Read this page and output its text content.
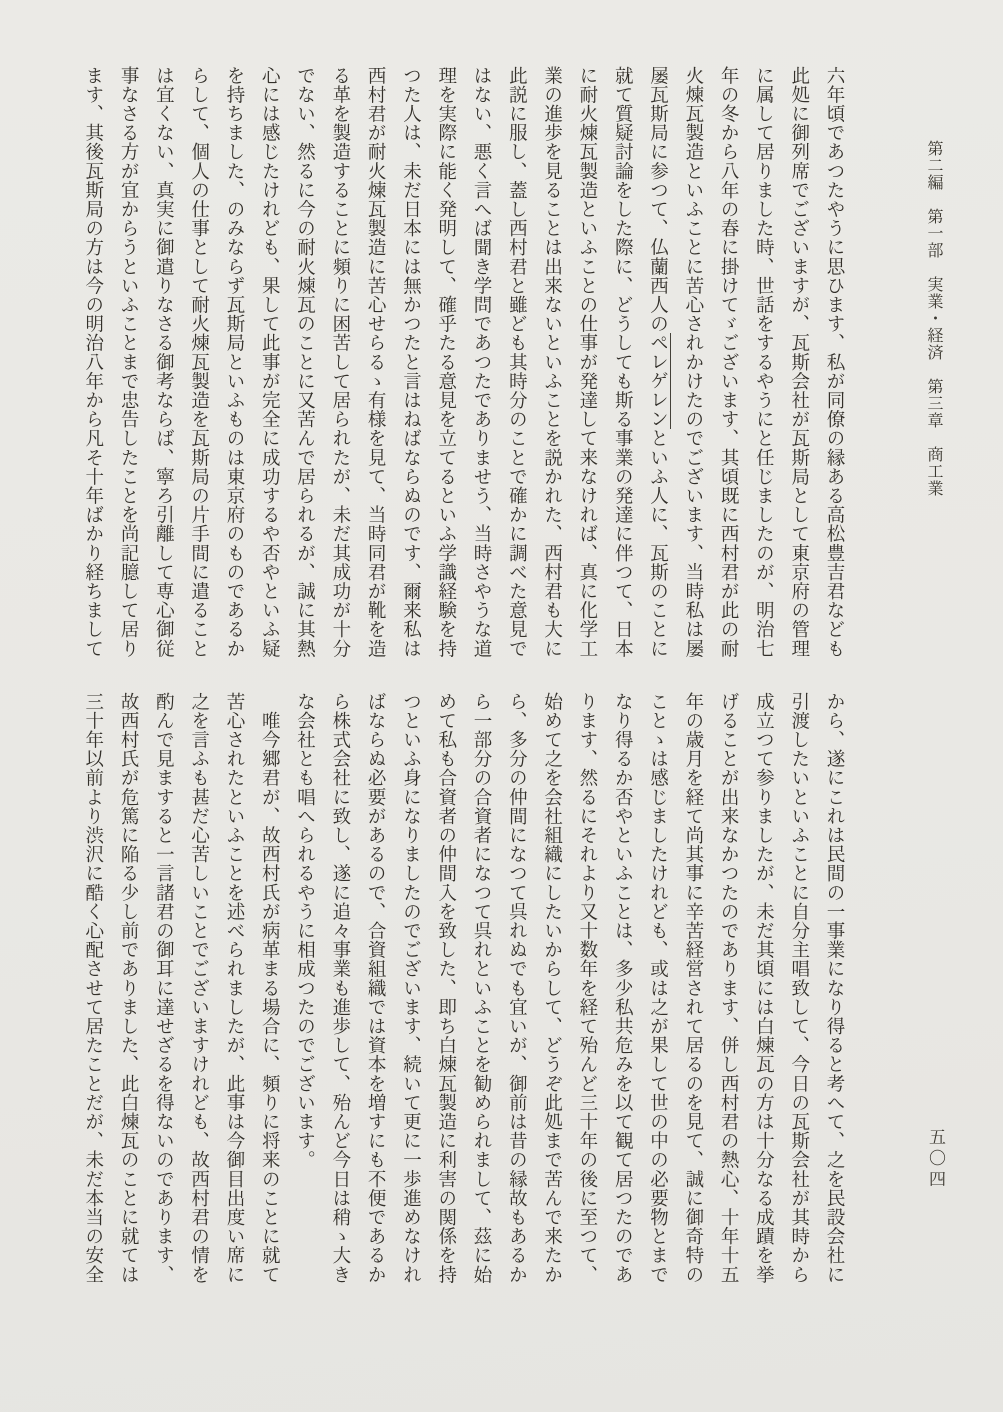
第二編　第一部　実業・経済　第三章　商工業
六年頃であつたやうに思ひます、私が同僚の縁ある高松豊吉君なども
此処に御列席でございますが、瓦斯会社が瓦斯局として東京府の管理
に属して居りました時、世話をするやうにと任じましたのが、明治七
年の冬から八年の春に掛けてゞございます、其頃既に西村君が此の耐
火煉瓦製造といふことに苦心されかけたのでございます、当時私は屡
屡瓦斯局に参つて、仏蘭西人のペレゲレンといふ人に、瓦斯のことに
就て質疑討論をした際に、どうしても斯る事業の発達に伴つて、日本
に耐火煉瓦製造といふことの仕事が発達して来なければ、真に化学工
業の進歩を見ることは出来ないといふことを説かれた、西村君も大に
此説に服し、蓋し西村君と雖ども其時分のことで確かに調べた意見で
はない、悪く言へば聞き学問であつたでありませう、当時さやうな道
理を実際に能く発明して、確乎たる意見を立てるといふ学識経験を持
つた人は、未だ日本には無かつたと言はねばならぬのです、爾来私は
西村君が耐火煉瓦製造に苦心せらるゝ有様を見て、当時同君が靴を造
る革を製造することに頻りに困苦して居られたが、未だ其成功が十分
でない、然るに今の耐火煉瓦のことに又苦んで居られるが、誠に其熱
心には感じたけれども、果して此事が完全に成功するや否やといふ疑
を持ちました、のみならず瓦斯局といふものは東京府のものであるか
らして、個人の仕事として耐火煉瓦製造を瓦斯局の片手間に遣ること
は宜くない、真実に御遣りなさる御考ならば、寧ろ引離して専心御従
事なさる方が宜からうといふことまで忠告したことを尚記臆して居り
ます、其後瓦斯局の方は今の明治八年から凡そ十年ばかり経ちまして
から、遂にこれは民間の一事業になり得ると考へて、之を民設会社に
引渡したいといふことに自分主唱致して、今日の瓦斯会社が其時から
成立つて参りましたが、未だ其頃には白煉瓦の方は十分なる成蹟を挙
げることが出来なかつたのであります、併し西村君の熱心、十年十五
年の歳月を経て尚其事に辛苦経営されて居るのを見て、誠に御奇特の
ことゝは感じましたけれども、或は之が果して世の中の必要物とまで
なり得るか否やといふことは、多少私共危みを以て観て居つたのであ
ります、然るにそれより又十数年を経て殆んど三十年の後に至つて、
始めて之を会社組織にしたいからして、どうぞ此処まで苦んで来たか
ら、多分の仲間になつて呉れぬでも宜いが、御前は昔の縁故もあるか
ら一部分の合資者になつて呉れといふことを勧められまして、茲に始
めて私も合資者の仲間入を致した、即ち白煉瓦製造に利害の関係を持
つといふ身になりましたのでございます、続いて更に一歩進めなけれ
ばならぬ必要があるので、合資組織では資本を増すにも不便であるか
ら株式会社に致し、遂に追々事業も進歩して、殆んど今日は稍ゝ大き
な会社とも唱へられるやうに相成つたのでございます。
　唯今郷君が、故西村氏が病革まる場合に、頻りに将来のことに就て
苦心されたといふことを述べられましたが、此事は今御目出度い席に
之を言ふも甚だ心苦しいことでございますけれども、故西村君の情を
酌んで見ますると一言諸君の御耳に達せざるを得ないのであります、
故西村氏が危篤に陥る少し前でありました、此白煉瓦のことに就ては
三十年以前より渋沢に酷く心配させて居たことだが、未だ本当の安全	五〇四
